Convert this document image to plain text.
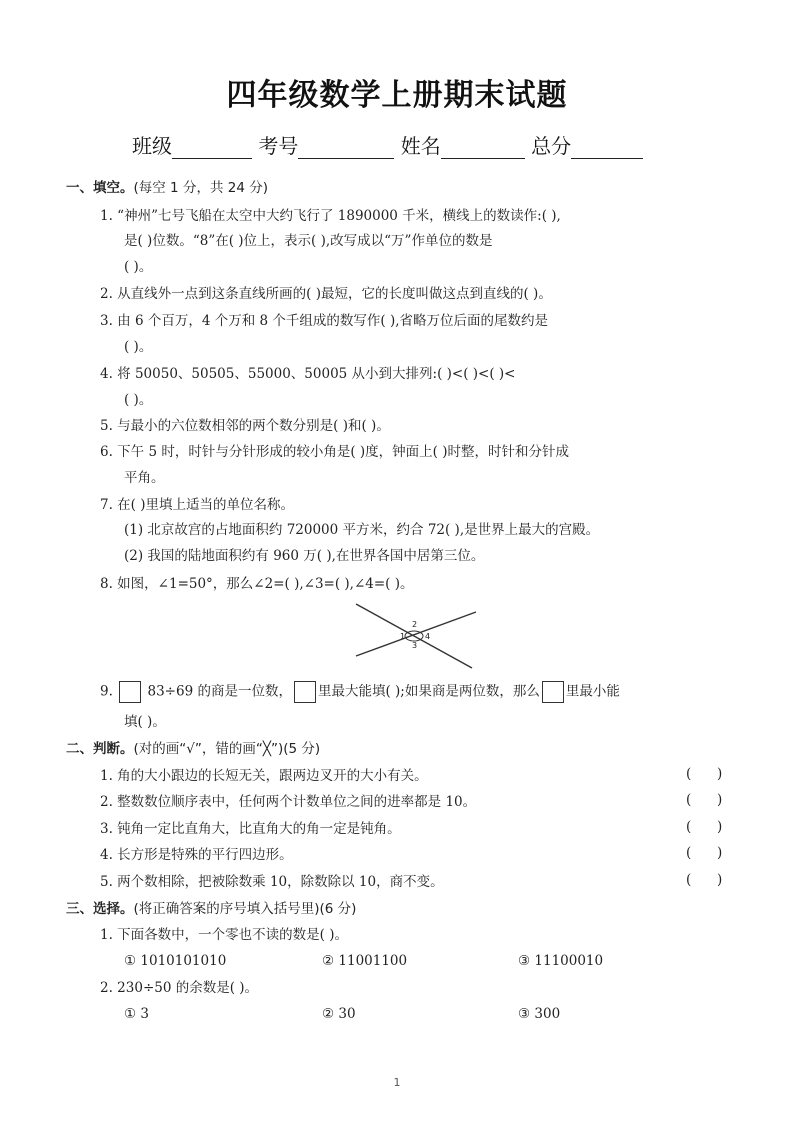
四年级数学上册期末试题
班级	考号	姓名	总分
一、填空。(每空 1 分，共 24 分)
1. “神州”七号飞船在太空中大约飞行了 1890000 千米，横线上的数读作:( ),
是( )位数。“8”在( )位上，表示( ),改写成以“万”作单位的数是
( )。
2. 从直线外一点到这条直线所画的( )最短，它的长度叫做这点到直线的( )。
3. 由 6 个百万，4 个万和 8 个千组成的数写作( ),省略万位后面的尾数约是
( )。
4. 将 50050、50505、55000、50005 从小到大排列:( )<( )<( )<
( )。
5. 与最小的六位数相邻的两个数分别是( )和( )。
6. 下午 5 时，时针与分针形成的较小角是( )度，钟面上( )时整，时针和分针成
平角。
7. 在( )里填上适当的单位名称。
(1) 北京故宫的占地面积约 720000 平方米，约合 72( ),是世界上最大的宫殿。
(2) 我国的陆地面积约有 960 万( ),在世界各国中居第三位。
8. 如图，∠1=50°，那么∠2=( ),∠3=( ),∠4=( )。
1
2
3
4
9.	83÷69 的商是一位数， 里最大能填( );如果商是两位数，那么 里最小能
填( )。
二、判断。(对的画“√”，错的画“╳”)(5 分)
1. 角的大小跟边的长短无关，跟两边叉开的大小有关。	(      )
2. 整数数位顺序表中，任何两个计数单位之间的进率都是 10。	(      )
3. 钝角一定比直角大，比直角大的角一定是钝角。	(      )
4. 长方形是特殊的平行四边形。	(      )
5. 两个数相除，把被除数乘 10，除数除以 10，商不变。	(      )
三、选择。(将正确答案的序号填入括号里)(6 分)
1. 下面各数中，一个零也不读的数是( )。
① 1010101010	② 11001100	③ 11100010
2. 230÷50 的余数是( )。
① 3	② 30	③ 300
1
